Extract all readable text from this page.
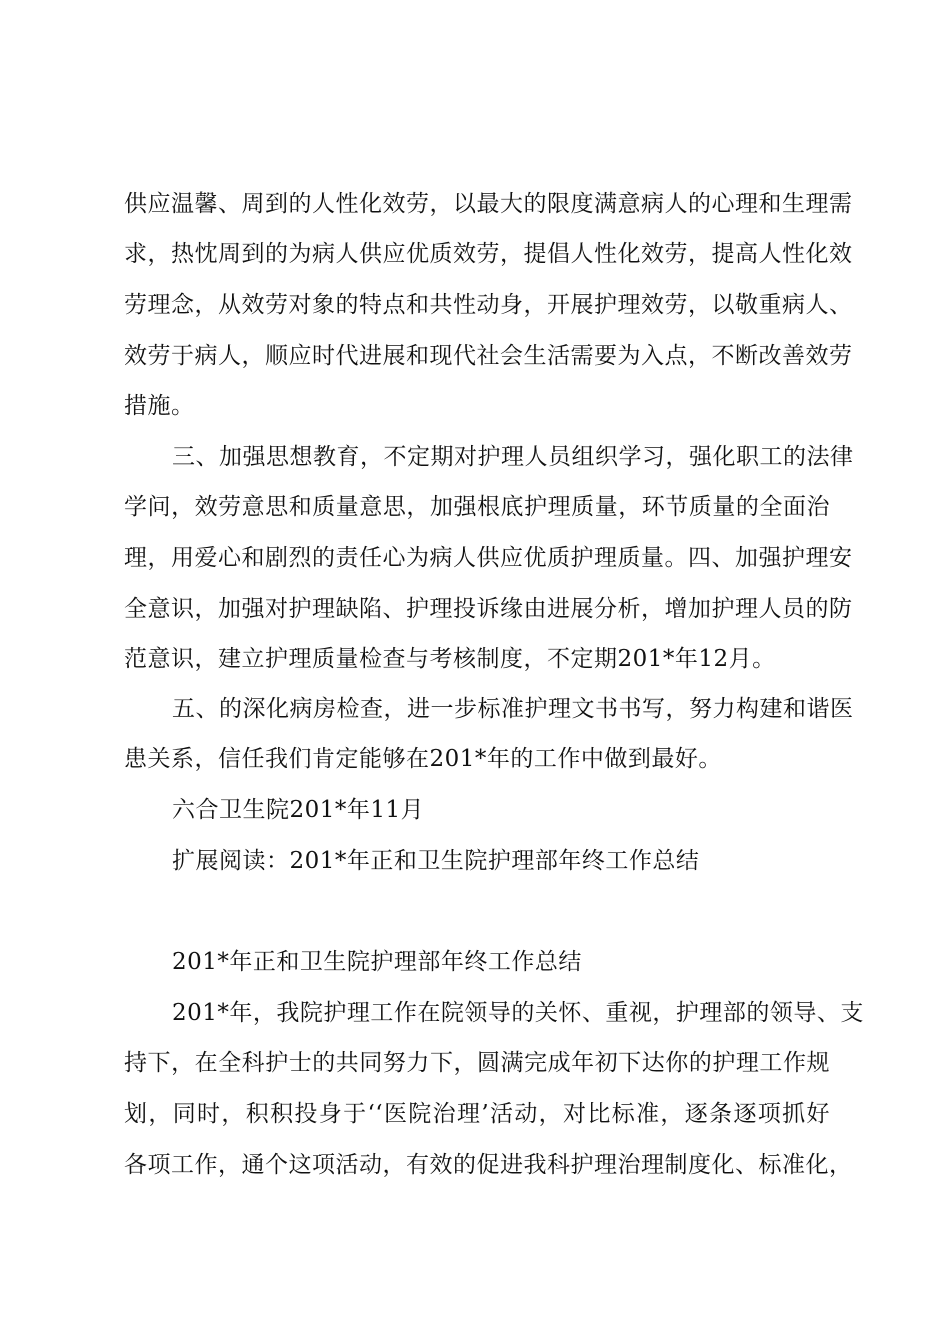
供应温馨、周到的人性化效劳，以最大的限度满意病人的心理和生理需
求，热忱周到的为病人供应优质效劳，提倡人性化效劳，提高人性化效
劳理念，从效劳对象的特点和共性动身，开展护理效劳，以敬重病人、
效劳于病人，顺应时代进展和现代社会生活需要为入点，不断改善效劳
措施。
三、加强思想教育，不定期对护理人员组织学习，强化职工的法律
学问，效劳意思和质量意思，加强根底护理质量，环节质量的全面治
理，用爱心和剧烈的责任心为病人供应优质护理质量。四、加强护理安
全意识，加强对护理缺陷、护理投诉缘由进展分析，增加护理人员的防
范意识，建立护理质量检查与考核制度，不定期201*年12月。
五、的深化病房检查，进一步标准护理文书书写，努力构建和谐医
患关系，信任我们肯定能够在201*年的工作中做到最好。
六合卫生院201*年11月
扩展阅读：201*年正和卫生院护理部年终工作总结
201*年正和卫生院护理部年终工作总结
201*年，我院护理工作在院领导的关怀、重视，护理部的领导、支
持下，在全科护士的共同努力下，圆满完成年初下达你的护理工作规
划，同时，积积投身于‘‘医院治理’活动，对比标准，逐条逐项抓好
各项工作，通个这项活动，有效的促进我科护理治理制度化、标准化，
